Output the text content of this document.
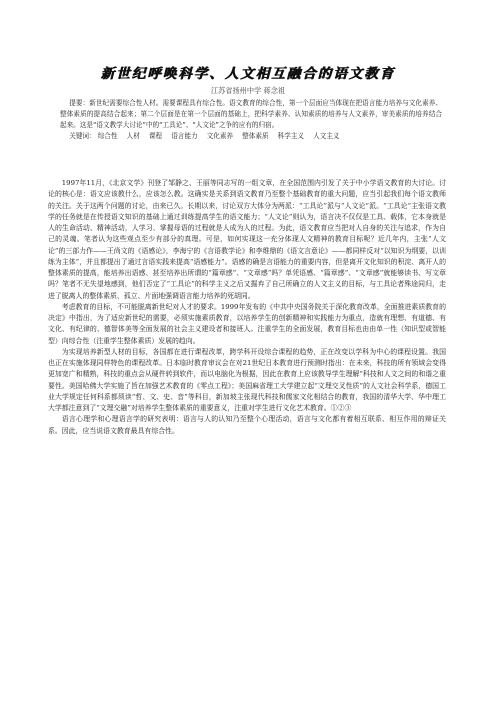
新世纪呼唤科学、人文相互融合的语文教育
江苏省扬州中学 蒋念祖

提要：新世纪需要综合性人材。需要课程具有综合性。语文教育的综合性，第一个层面应当体现在把语言能力培养与文化素养、整体素质的提高结合起来；第二个层面是在第一个层面的基础上，把科学素养、认知素质的培养与人文素养，审美素质的培养结合起来。这是“语文教学大讨论”中的“工具论”、“人文论”之争的应有的归宿。

关键词： 综合性 人材 课程 语言能力 文化素养 整体素质 科学主义 人文主义

1997年11月，《北京文学》刊登了邹静之、王丽等同志写的一组文章，在全国范围内引发了关于中小学语文教育的大讨论。讨论的核心是：语文应该教什么，应该怎么教。这确实是关系到语文教育乃至整个基础教育的重大问题，应当引起我们每个语文教师的关注。关于这两个问题的讨论，由来已久。长期以来，讨论双方大体分为两派：“工具论”派与“人文论”派。“工具论”主张语文教学的任务就是在传授语文知识的基础上通过训练提高学生的语文能力；“人文论”则认为，语言决不仅仅是工具、载体，它本身就是人的生命活动、精神活动，人学习、掌握母语的过程就是人成为人的过程。为此，语文教育应当把对人自身的关注与追求，作为自己的灵魂。笔者认为这些观点至少有部分的真理。可是，如何实现这一充分体现人文精神的教育目标呢？近几年内，主张“人文论”的三部力作——王尚文的《语感论》，李海宁的《言语教学论》和李维鼎的《语文言意论》——都同样反对“以知识为纲要，以训练为主体”，并且都提出了通过言语实践来提高“语感能力”。语感的确是言语能力的重要内容，但是离开文化知识的积淀、离开人的整体素质的提高，能培养出语感、甚至培养出所谓的“篇章感”、“文章感”吗？单凭语感、“篇章感”、“文章感”就能够读书、写文章吗？笔者不无失望地感到，他们否定了“工具论”的科学主义之后又掘弃了自己所确立的人文主义的目标，与工具论者殊途同归，走进了脱离人的整体素质、孤立、片面地强调语言能力培养的死胡同。

考虑教育的目标，不可能脱离新世纪对人才的要求。1999年发布的《中共中央国务院关于深化教育改革，全面推进素质教育的决定》中指出，为了适应新世纪的需要，必须实施素质教育，以培养学生的创新精神和实践能力为重点，造就有理想、有道德、有文化、有纪律的、德智体美等全面发展的社会主义建设者和接班人。注重学生的全面发展，教育目标也由由单一性（知识型或智能型）向综合性（注重学生整体素质）发展的趋向。

为实现培养新型人材的目标，各国都在进行课程改革，跨学科开设综合课程的趋势，正在改变以学科为中心的课程设置。我国也正在实施体现同样特色的课程改革。日本临时教育审议会在对21世纪日本教育进行预测时指出：在未来，科技的所有领域会变得更加宽广和精熟，科技的重点会从硬件转到软件，而以电脑化为根据，因此在教育上应该教导学生理解“科技和人文之间的和谐之重要性。美国哈佛大学实施了旨在加强艺术教育的《零点工程》；美国麻省理工大学建立起“文理交叉性质”的人文社会科学系，德国工业大学规定任何科系都须读“哲、文、史、音”等科目，新加坡主张现代科技和儒家文化相结合的教育，我国的清华大学、华中理工大学都注意到了“文理交融”对培养学生整体素质的重要意义，注重对学生进行文化艺术教育。①②③

语言心理学和心理语言学的研究表明：语言与人的认知乃至整个心理活动，语言与文化都有着相互联系、相互作用的辩证关系。因此，应当说语文教育最具有综合性。
